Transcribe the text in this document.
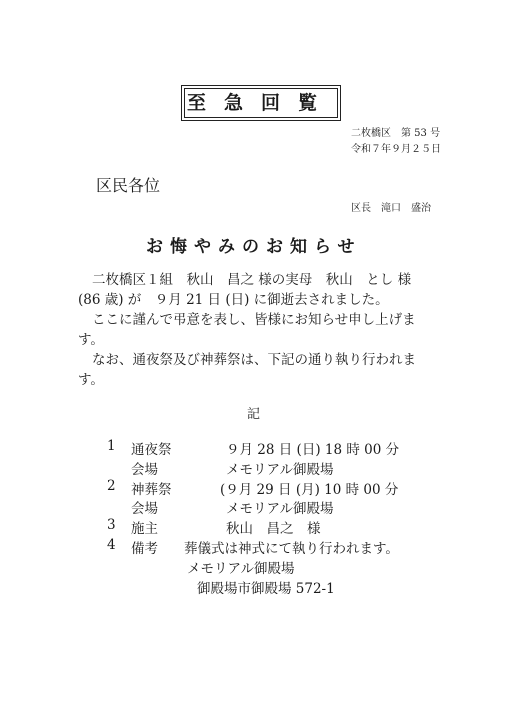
至急回覧
二枚橋区　第 53 号
令和７年９月２５日
区民各位
区長　滝口　盛治
お悔やみのお知らせ
二枚橋区１組　秋山　昌之 様の実母　秋山　とし 様
(86 歳) が　９月 21 日 (日) に御逝去されました。
ここに謹んで弔意を表し、皆様にお知らせ申し上げま
す。
なお、通夜祭及び神葬祭は、下記の通り執り行われま
す。
記
1 通夜祭	９月 28 日 (日) 18 時 00 分
会場	メモリアル御殿場
2 神葬祭	(９月 29 日 (月) 10 時 00 分
会場	メモリアル御殿場
3 施主	秋山　昌之　様
4 備考 葬儀式は神式にて執り行われます。
メモリアル御殿場
御殿場市御殿場 572-1
